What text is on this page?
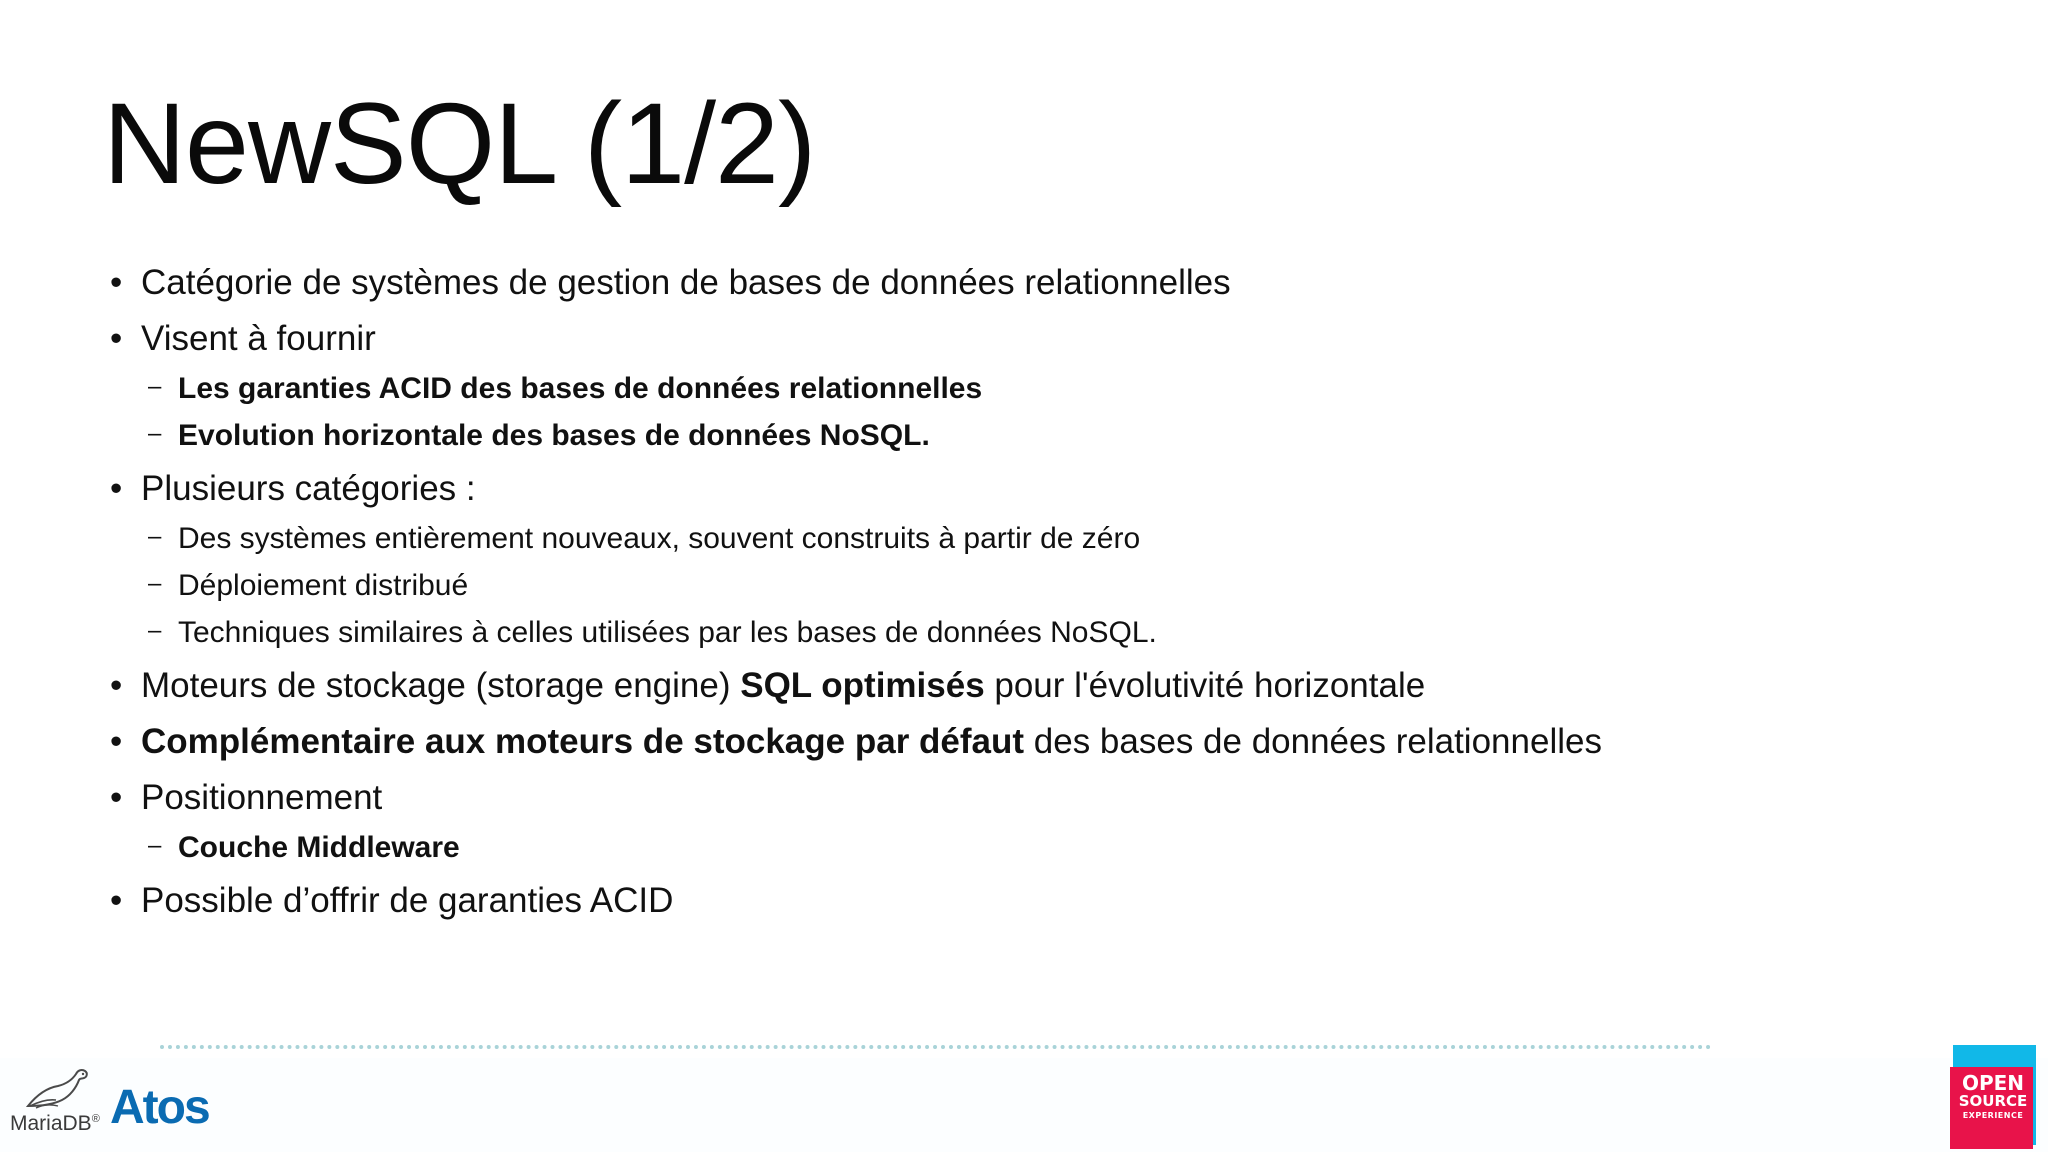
NewSQL (1/2)
• Catégorie de systèmes de gestion de bases de données relationnelles
• Visent à fournir
– Les garanties ACID des bases de données relationnelles
– Evolution horizontale des bases de données NoSQL.
• Plusieurs catégories :
– Des systèmes entièrement nouveaux, souvent construits à partir de zéro
– Déploiement distribué
– Techniques similaires à celles utilisées par les bases de données NoSQL.
• Moteurs de stockage (storage engine) SQL optimisés pour l'évolutivité horizontale
• Complémentaire aux moteurs de stockage par défaut des bases de données relationnelles
• Positionnement
– Couche Middleware
• Possible d’offrir de garanties ACID
MariaDB® Atos	OPEN
SOURCE
EXPERIENCE
